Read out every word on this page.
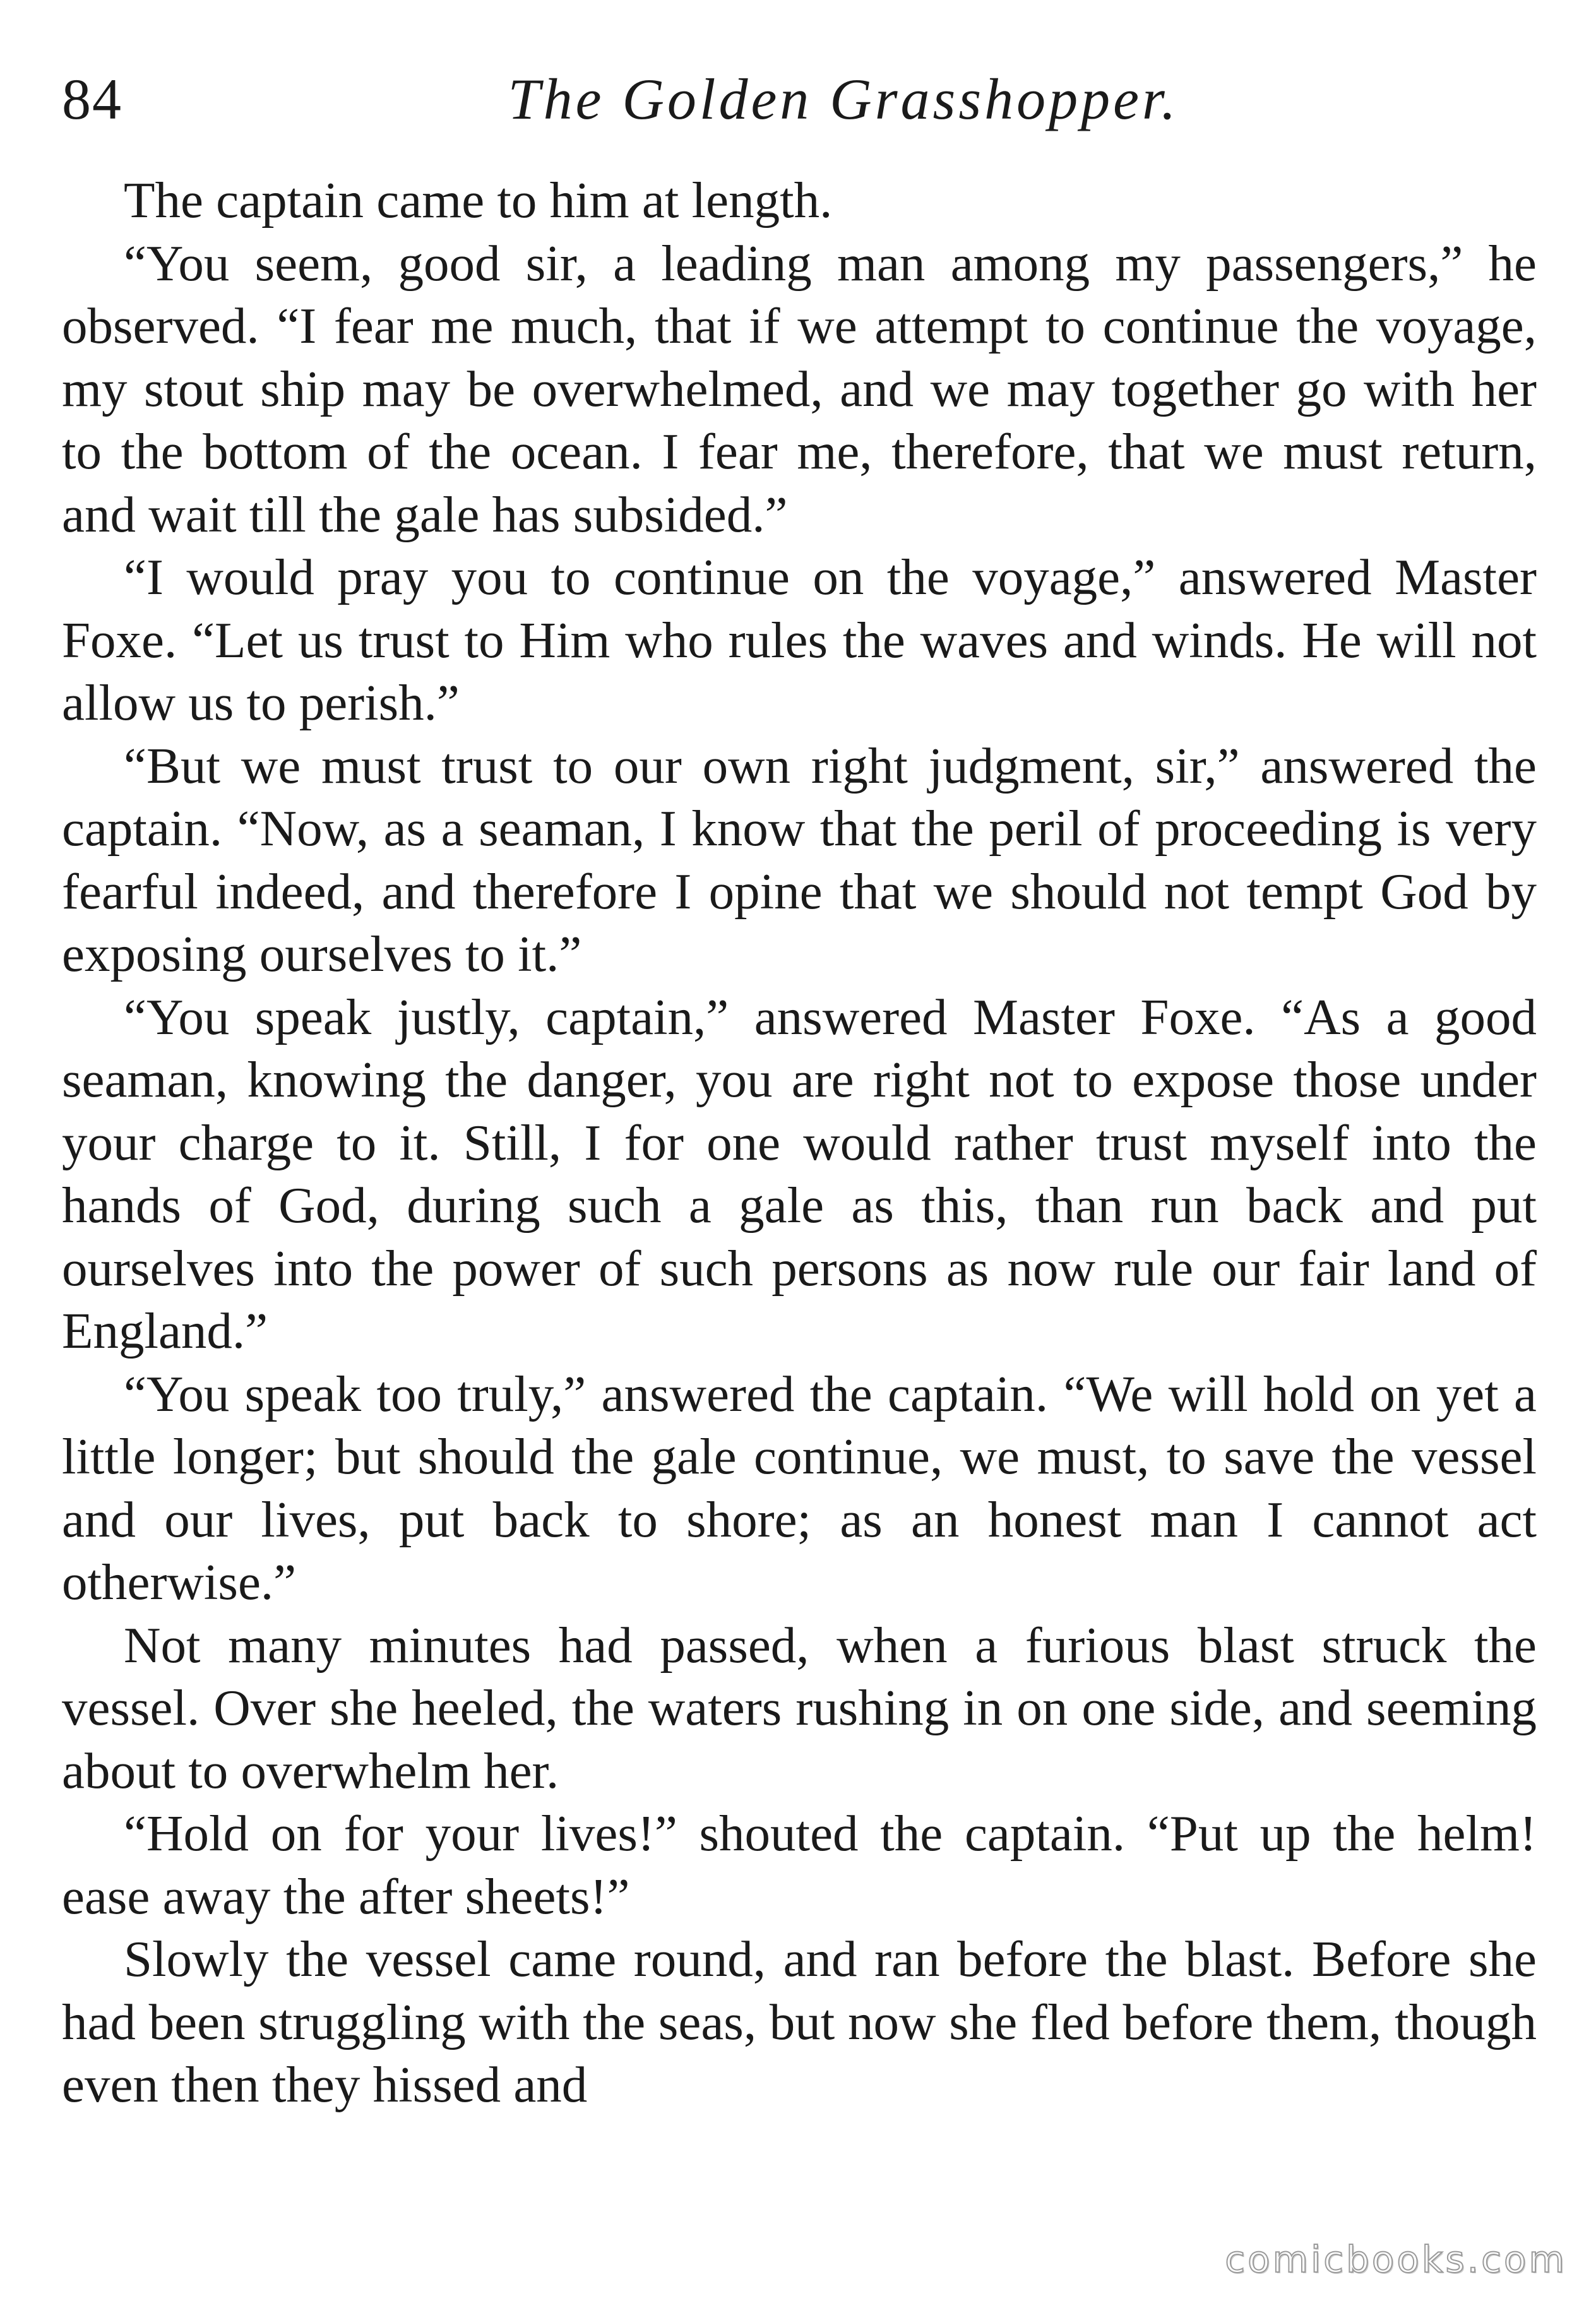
84	The Golden Grasshopper.

The captain came to him at length.

“You seem, good sir, a leading man among my passengers,” he observed. “I fear me much, that if we attempt to continue the voyage, my stout ship may be overwhelmed, and we may together go with her to the bottom of the ocean. I fear me, therefore, that we must return, and wait till the gale has subsided.”

“I would pray you to continue on the voyage,” answered Master Foxe. “Let us trust to Him who rules the waves and winds. He will not allow us to perish.”

“But we must trust to our own right judgment, sir,” answered the captain. “Now, as a seaman, I know that the peril of proceeding is very fearful indeed, and therefore I opine that we should not tempt God by exposing ourselves to it.”

“You speak justly, captain,” answered Master Foxe. “As a good seaman, knowing the danger, you are right not to expose those under your charge to it. Still, I for one would rather trust myself into the hands of God, during such a gale as this, than run back and put ourselves into the power of such persons as now rule our fair land of England.”

“You speak too truly,” answered the captain. “We will hold on yet a little longer; but should the gale continue, we must, to save the vessel and our lives, put back to shore; as an honest man I cannot act otherwise.”

Not many minutes had passed, when a furious blast struck the vessel. Over she heeled, the waters rushing in on one side, and seeming about to overwhelm her.

“Hold on for your lives!” shouted the captain. “Put up the helm! ease away the after sheets!”

Slowly the vessel came round, and ran before the blast. Before she had been struggling with the seas, but now she fled before them, though even then they hissed and

comicbooks.com
